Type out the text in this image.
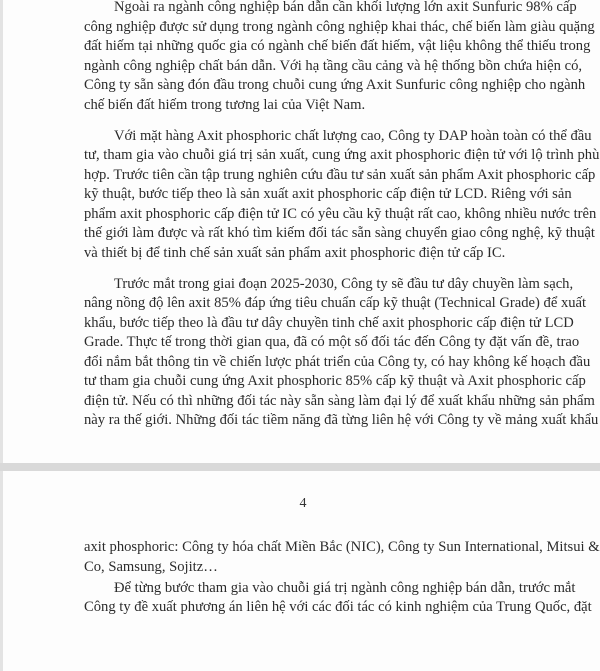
Ngoài ra ngành công nghiệp bán dẫn cần khối lượng lớn axit Sunfuric 98% cấp
công nghiệp được sử dụng trong ngành công nghiệp khai thác, chế biến làm giàu quặng
đất hiếm tại những quốc gia có ngành chế biến đất hiếm, vật liệu không thể thiếu trong
ngành công nghiệp chất bán dẫn. Với hạ tầng cầu cảng và hệ thống bồn chứa hiện có,
Công ty sẵn sàng đón đầu trong chuỗi cung ứng Axit Sunfuric công nghiệp cho ngành
chế biến đất hiếm trong tương lai của Việt Nam.
Với mặt hàng Axit phosphoric chất lượng cao, Công ty DAP hoàn toàn có thể đầu
tư, tham gia vào chuỗi giá trị sản xuất, cung ứng axit phosphoric điện tử với lộ trình phù
hợp. Trước tiên cần tập trung nghiên cứu đầu tư sản xuất sản phẩm Axit phosphoric cấp
kỹ thuật, bước tiếp theo là sản xuất axit phosphoric cấp điện tử LCD. Riêng với sản
phẩm axit phosphoric cấp điện tử IC có yêu cầu kỹ thuật rất cao, không nhiều nước trên
thế giới làm được và rất khó tìm kiếm đối tác sẵn sàng chuyển giao công nghệ, kỹ thuật
và thiết bị để tinh chế sản xuất sản phẩm axit phosphoric điện tử cấp IC.
Trước mắt trong giai đoạn 2025-2030, Công ty sẽ đầu tư dây chuyền làm sạch,
nâng nồng độ lên axit 85% đáp ứng tiêu chuẩn cấp kỹ thuật (Technical Grade) để xuất
khẩu, bước tiếp theo là đầu tư dây chuyền tinh chế axit phosphoric cấp điện tử LCD
Grade. Thực tế trong thời gian qua, đã có một số đối tác đến Công ty đặt vấn đề, trao
đổi nắm bắt thông tin về chiến lược phát triển của Công ty, có hay không kế hoạch đầu
tư tham gia chuỗi cung ứng Axit phosphoric 85% cấp kỹ thuật và Axit phosphoric cấp
điện tử. Nếu có thì những đối tác này sẵn sàng làm đại lý để xuất khẩu những sản phẩm
này ra thế giới. Những đối tác tiềm năng đã từng liên hệ với Công ty về mảng xuất khẩu
4
axit phosphoric: Công ty hóa chất Miền Bắc (NIC), Công ty Sun International, Mitsui &
Co, Samsung, Sojitz…
Để từng bước tham gia vào chuỗi giá trị ngành công nghiệp bán dẫn, trước mắt
Công ty đề xuất phương án liên hệ với các đối tác có kinh nghiệm của Trung Quốc, đặt
